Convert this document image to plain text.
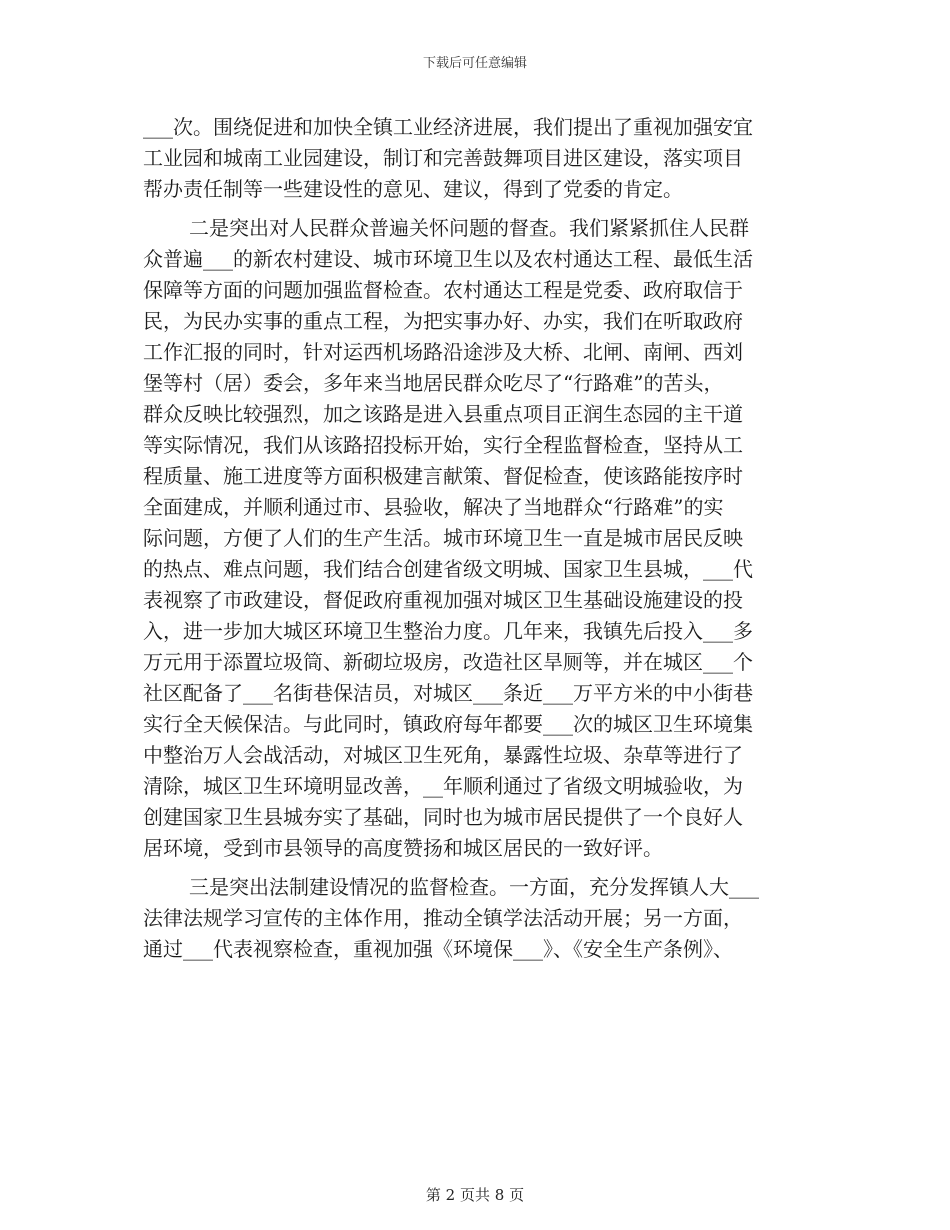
下载后可任意编辑
___次。围绕促进和加快全镇工业经济进展，我们提出了重视加强安宜
工业园和城南工业园建设，制订和完善鼓舞项目进区建设，落实项目
帮办责任制等一些建设性的意见、建议，得到了党委的肯定。
二是突出对人民群众普遍关怀问题的督查。我们紧紧抓住人民群
众普遍___的新农村建设、城市环境卫生以及农村通达工程、最低生活
保障等方面的问题加强监督检查。农村通达工程是党委、政府取信于
民，为民办实事的重点工程，为把实事办好、办实，我们在听取政府
工作汇报的同时，针对运西机场路沿途涉及大桥、北闸、南闸、西刘
堡等村（居）委会，多年来当地居民群众吃尽了“行路难”的苦头，
群众反映比较强烈，加之该路是进入县重点项目正润生态园的主干道
等实际情况，我们从该路招投标开始，实行全程监督检查，坚持从工
程质量、施工进度等方面积极建言献策、督促检查，使该路能按序时
全面建成，并顺利通过市、县验收，解决了当地群众“行路难”的实
际问题，方便了人们的生产生活。城市环境卫生一直是城市居民反映
的热点、难点问题，我们结合创建省级文明城、国家卫生县城，___代
表视察了市政建设，督促政府重视加强对城区卫生基础设施建设的投
入，进一步加大城区环境卫生整治力度。几年来，我镇先后投入___多
万元用于添置垃圾筒、新砌垃圾房，改造社区旱厕等，并在城区___个
社区配备了___名街巷保洁员，对城区___条近___万平方米的中小街巷
实行全天候保洁。与此同时，镇政府每年都要___次的城区卫生环境集
中整治万人会战活动，对城区卫生死角，暴露性垃圾、杂草等进行了
清除，城区卫生环境明显改善，__年顺利通过了省级文明城验收，为
创建国家卫生县城夯实了基础，同时也为城市居民提供了一个良好人
居环境，受到市县领导的高度赞扬和城区居民的一致好评。
三是突出法制建设情况的监督检查。一方面，充分发挥镇人大___
法律法规学习宣传的主体作用，推动全镇学法活动开展；另一方面，
通过___代表视察检查，重视加强《环境保___》、《安全生产条例》、
第 2 页共 8 页
